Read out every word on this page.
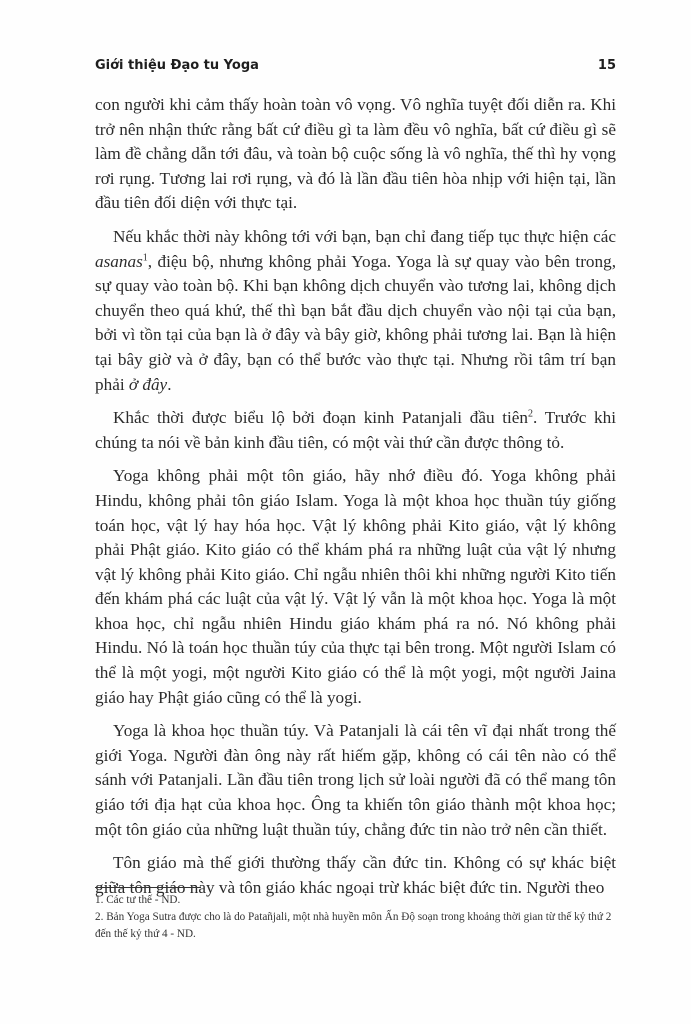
Giới thiệu Đạo tu Yoga	15

con người khi cảm thấy hoàn toàn vô vọng. Vô nghĩa tuyệt đối diễn ra. Khi trở nên nhận thức rằng bất cứ điều gì ta làm đều vô nghĩa, bất cứ điều gì sẽ làm đề chẳng dẫn tới đâu, và toàn bộ cuộc sống là vô nghĩa, thế thì hy vọng rơi rụng. Tương lai rơi rụng, và đó là lần đầu tiên hòa nhịp với hiện tại, lần đầu tiên đối diện với thực tại.

Nếu khắc thời này không tới với bạn, bạn chỉ đang tiếp tục thực hiện các asanas$^1$, điệu bộ, nhưng không phải Yoga. Yoga là sự quay vào bên trong, sự quay vào toàn bộ. Khi bạn không dịch chuyển vào tương lai, không dịch chuyển theo quá khứ, thế thì bạn bắt đầu dịch chuyển vào nội tại của bạn, bởi vì tồn tại của bạn là ở đây và bây giờ, không phải tương lai. Bạn là hiện tại bây giờ và ở đây, bạn có thể bước vào thực tại. Nhưng rồi tâm trí bạn phải ở đây.

Khắc thời được biểu lộ bởi đoạn kinh Patanjali đầu tiên$^2$. Trước khi chúng ta nói về bản kinh đầu tiên, có một vài thứ cần được thông tỏ.

Yoga không phải một tôn giáo, hãy nhớ điều đó. Yoga không phải Hindu, không phải tôn giáo Islam. Yoga là một khoa học thuần túy giống toán học, vật lý hay hóa học. Vật lý không phải Kito giáo, vật lý không phải Phật giáo. Kito giáo có thể khám phá ra những luật của vật lý nhưng vật lý không phải Kito giáo. Chỉ ngẫu nhiên thôi khi những người Kito tiến đến khám phá các luật của vật lý. Vật lý vẫn là một khoa học. Yoga là một khoa học, chỉ ngẫu nhiên Hindu giáo khám phá ra nó. Nó không phải Hindu. Nó là toán học thuần túy của thực tại bên trong. Một người Islam có thể là một yogi, một người Kito giáo có thể là một yogi, một người Jaina giáo hay Phật giáo cũng có thể là yogi.

Yoga là khoa học thuần túy. Và Patanjali là cái tên vĩ đại nhất trong thế giới Yoga. Người đàn ông này rất hiếm gặp, không có cái tên nào có thể sánh với Patanjali. Lần đầu tiên trong lịch sử loài người đã có thể mang tôn giáo tới địa hạt của khoa học. Ông ta khiến tôn giáo thành một khoa học; một tôn giáo của những luật thuần túy, chẳng đức tin nào trở nên cần thiết.

Tôn giáo mà thế giới thường thấy cần đức tin. Không có sự khác biệt giữa tôn giáo này và tôn giáo khác ngoại trừ khác biệt đức tin. Người theo

1. Các tư thế - ND.
2. Bản Yoga Sutra được cho là do Patañjali, một nhà huyền môn Ấn Độ soạn trong khoảng thời gian từ thế kỷ thứ 2 đến thế kỷ thứ 4 - ND.
